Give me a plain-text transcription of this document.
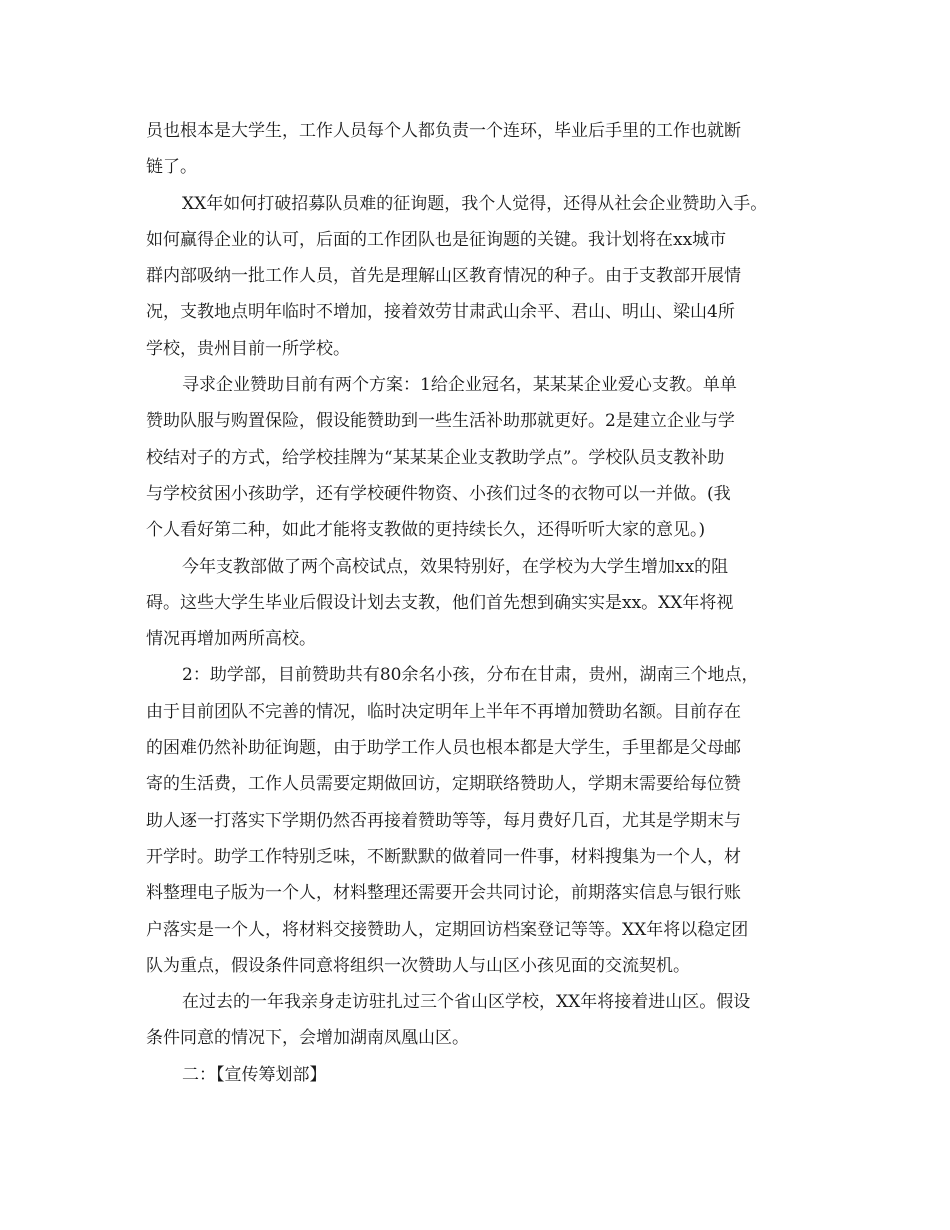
员也根本是大学生，工作人员每个人都负责一个连环，毕业后手里的工作也就断
链了。
XX年如何打破招募队员难的征询题，我个人觉得，还得从社会企业赞助入手。
如何赢得企业的认可，后面的工作团队也是征询题的关键。我计划将在xx城市
群内部吸纳一批工作人员，首先是理解山区教育情况的种子。由于支教部开展情
况，支教地点明年临时不增加，接着效劳甘肃武山余平、君山、明山、梁山4所
学校，贵州目前一所学校。
寻求企业赞助目前有两个方案：1给企业冠名，某某某企业爱心支教。单单
赞助队服与购置保险，假设能赞助到一些生活补助那就更好。2是建立企业与学
校结对子的方式，给学校挂牌为“某某某企业支教助学点”。学校队员支教补助
与学校贫困小孩助学，还有学校硬件物资、小孩们过冬的衣物可以一并做。(我
个人看好第二种，如此才能将支教做的更持续长久，还得听听大家的意见。)
今年支教部做了两个高校试点，效果特别好，在学校为大学生增加xx的阻
碍。这些大学生毕业后假设计划去支教，他们首先想到确实实是xx。XX年将视
情况再增加两所高校。
2：助学部，目前赞助共有80余名小孩，分布在甘肃，贵州，湖南三个地点，
由于目前团队不完善的情况，临时决定明年上半年不再增加赞助名额。目前存在
的困难仍然补助征询题，由于助学工作人员也根本都是大学生，手里都是父母邮
寄的生活费，工作人员需要定期做回访，定期联络赞助人，学期末需要给每位赞
助人逐一打落实下学期仍然否再接着赞助等等，每月费好几百，尤其是学期末与
开学时。助学工作特别乏味，不断默默的做着同一件事，材料搜集为一个人，材
料整理电子版为一个人，材料整理还需要开会共同讨论，前期落实信息与银行账
户落实是一个人，将材料交接赞助人，定期回访档案登记等等。XX年将以稳定团
队为重点，假设条件同意将组织一次赞助人与山区小孩见面的交流契机。
在过去的一年我亲身走访驻扎过三个省山区学校，XX年将接着进山区。假设
条件同意的情况下，会增加湖南凤凰山区。
二：【宣传筹划部】
